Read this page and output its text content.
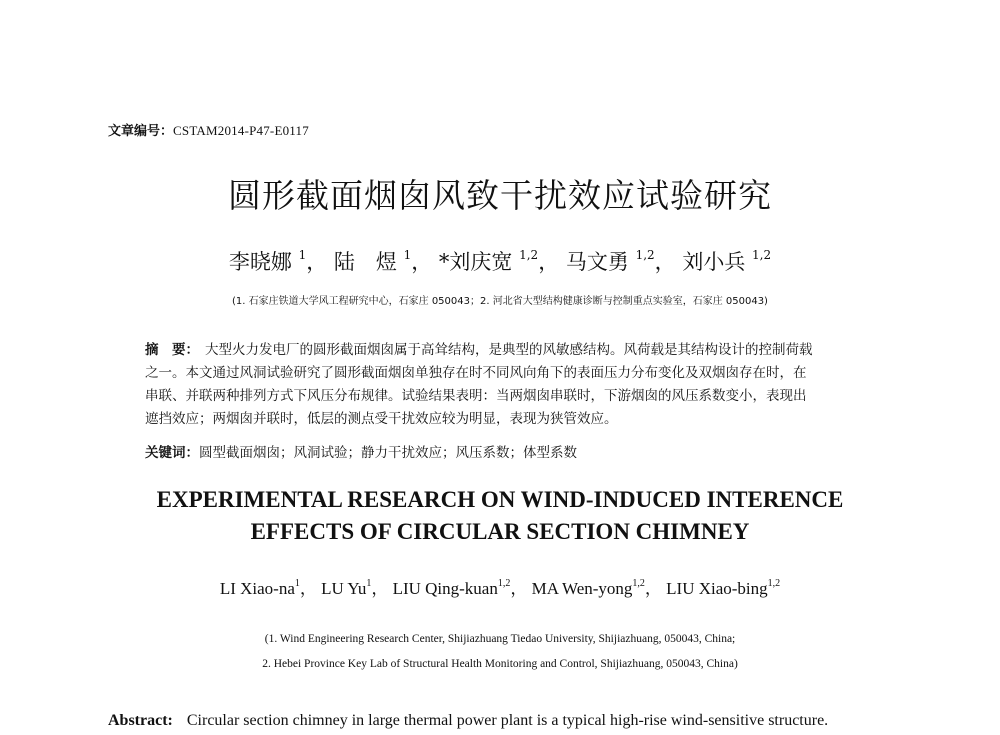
文章编号：CSTAM2014-P47-E0117
圆形截面烟囱风致干扰效应试验研究
李晓娜 $^1$， 陆　煜 $^1$， *刘庆宽 $^{1,2}$， 马文勇 $^{1,2}$， 刘小兵 $^{1,2}$
(1. 石家庄铁道大学风工程研究中心，石家庄 050043；2. 河北省大型结构健康诊断与控制重点实验室，石家庄 050043)
摘　要： 大型火力发电厂的圆形截面烟囱属于高耸结构，是典型的风敏感结构。风荷载是其结构设计的控制荷载
之一。本文通过风洞试验研究了圆形截面烟囱单独存在时不同风向角下的表面压力分布变化及双烟囱存在时，在
串联、并联两种排列方式下风压分布规律。试验结果表明：当两烟囱串联时，下游烟囱的风压系数变小，表现出
遮挡效应；两烟囱并联时，低层的测点受干扰效应较为明显，表现为狭管效应。
关键词：圆型截面烟囱；风洞试验；静力干扰效应；风压系数；体型系数
EXPERIMENTAL RESEARCH ON WIND-INDUCED INTERENCE
EFFECTS OF CIRCULAR SECTION CHIMNEY
LI Xiao-$na^1$， LU Yu$^1$， LIU Qing-kuan$^{1,2}$， MA Wen-yong$^{1,2}$， LIU Xiao-bing$^{1,2}$
(1. Wind Engineering Research Center, Shijiazhuang Tiedao University, Shijiazhuang, 050043, China;
2. Hebei Province Key Lab of Structural Health Monitoring and Control, Shijiazhuang, 050043, China)
Abstract: Circular section chimney in large thermal power plant is a typical high-rise wind-sensitive structure.
